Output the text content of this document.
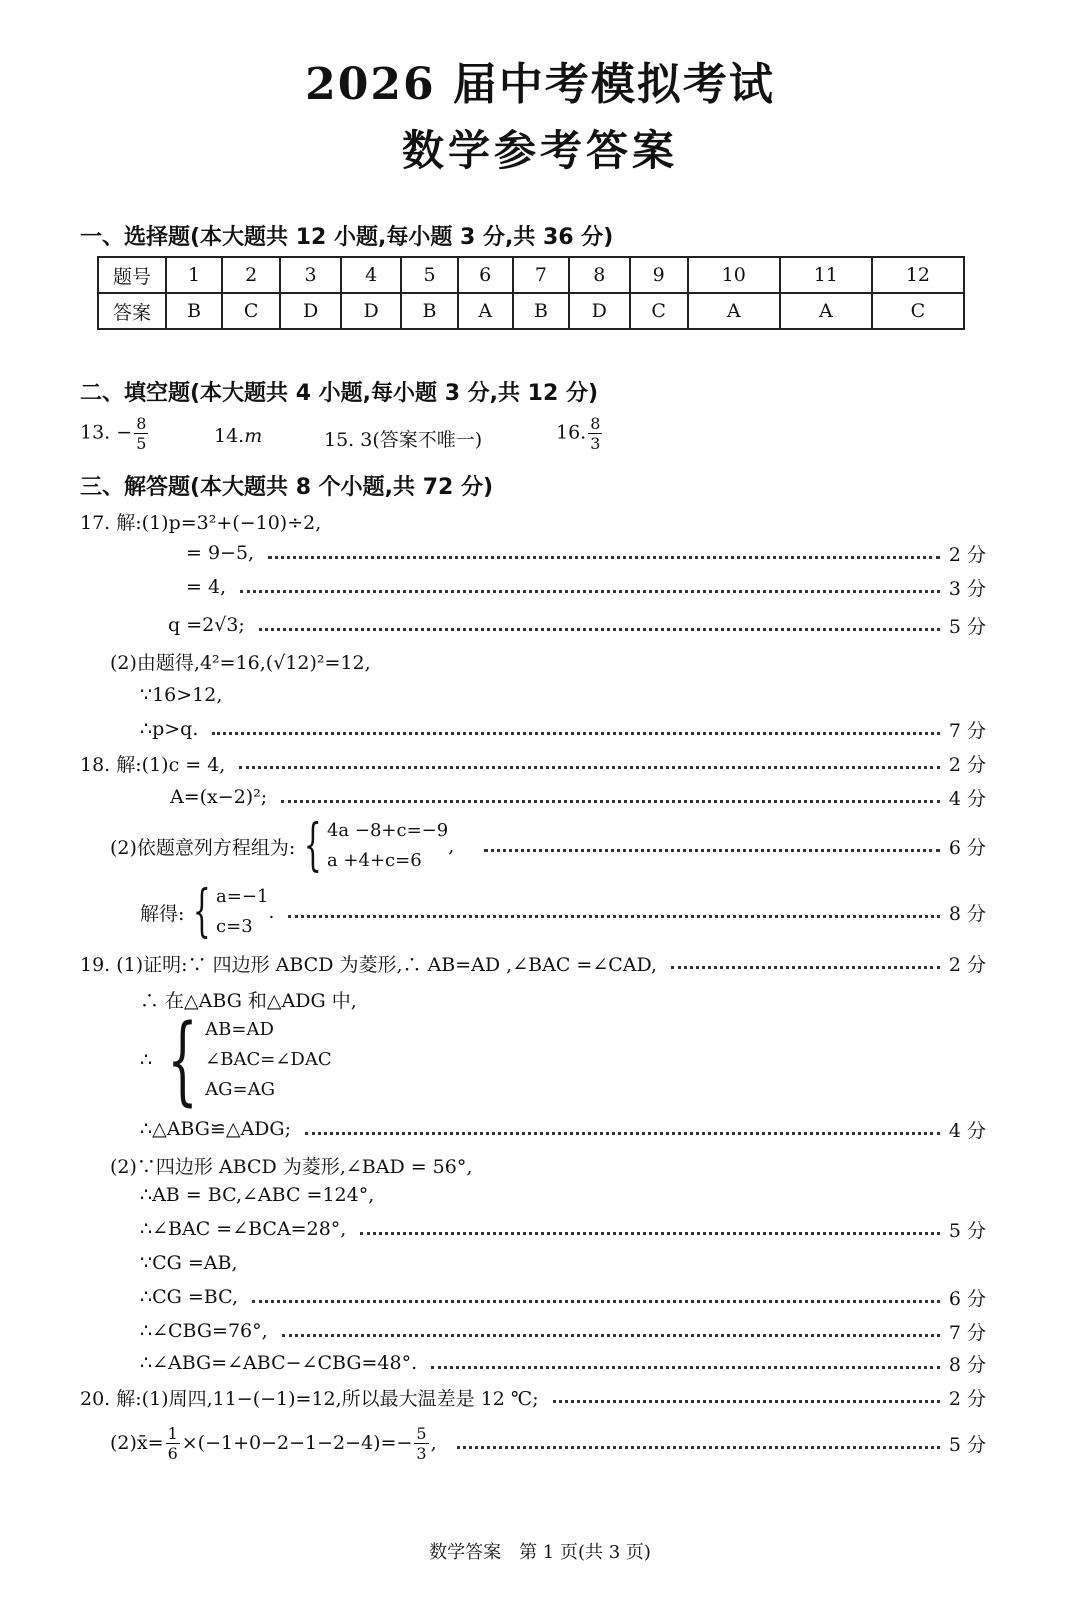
2026 届中考模拟考试
数学参考答案
一、选择题(本大题共 12 小题,每小题 3 分,共 36 分)
题号	1	2	3	4	5	6	7	8	9	10	11	12
答案	B	C	D	D	B	A	B	D	C	A	A	C
二、填空题(本大题共 4 小题,每小题 3 分,共 12 分)
13. − $\frac{8}{5}$	14.m	15. 3(答案不唯一)	16. $\frac{8}{3}$
三、解答题(本大题共 8 个小题,共 72 分)
17. 解:(1)p=3²+(−10)÷2,
= 9−5,	2 分
= 4,	3 分
q =2√3;	5 分
(2)由题得,4²=16,(√12)²=12,
∵16>12,
∴p>q.	7 分
18. 解:(1)c = 4,	2 分
A=(x−2)²;	4 分
(2)依题意列方程组为: { 4a −8+c=−9
a +4+c=6
,	6 分
解得: { a=−1
c=3
.	8 分
19. (1)证明:∵ 四边形 ABCD 为菱形,∴ AB=AD ,∠BAC =∠CAD,	2 分
∴ 在△ABG 和△ADG 中,
∴ { AB=AD
∠BAC=∠DAC
AG=AG
∴△ABG≌△ADG;	4 分
(2)∵四边形 ABCD 为菱形,∠BAD = 56°,
∴AB = BC,∠ABC =124°,
∴∠BAC =∠BCA=28°,	5 分
∵CG =AB,
∴CG =BC,	6 分
∴∠CBG=76°,	7 分
∴∠ABG=∠ABC−∠CBG=48°.	8 分
20. 解:(1)周四,11−(−1)=12,所以最大温差是 12 ℃;	2 分
(2)x̄= $\frac{1}{6} \times(-1+0-2-1-2-4)=- \frac{5}{3}$ ,	5 分
数学答案　第 1 页(共 3 页)
